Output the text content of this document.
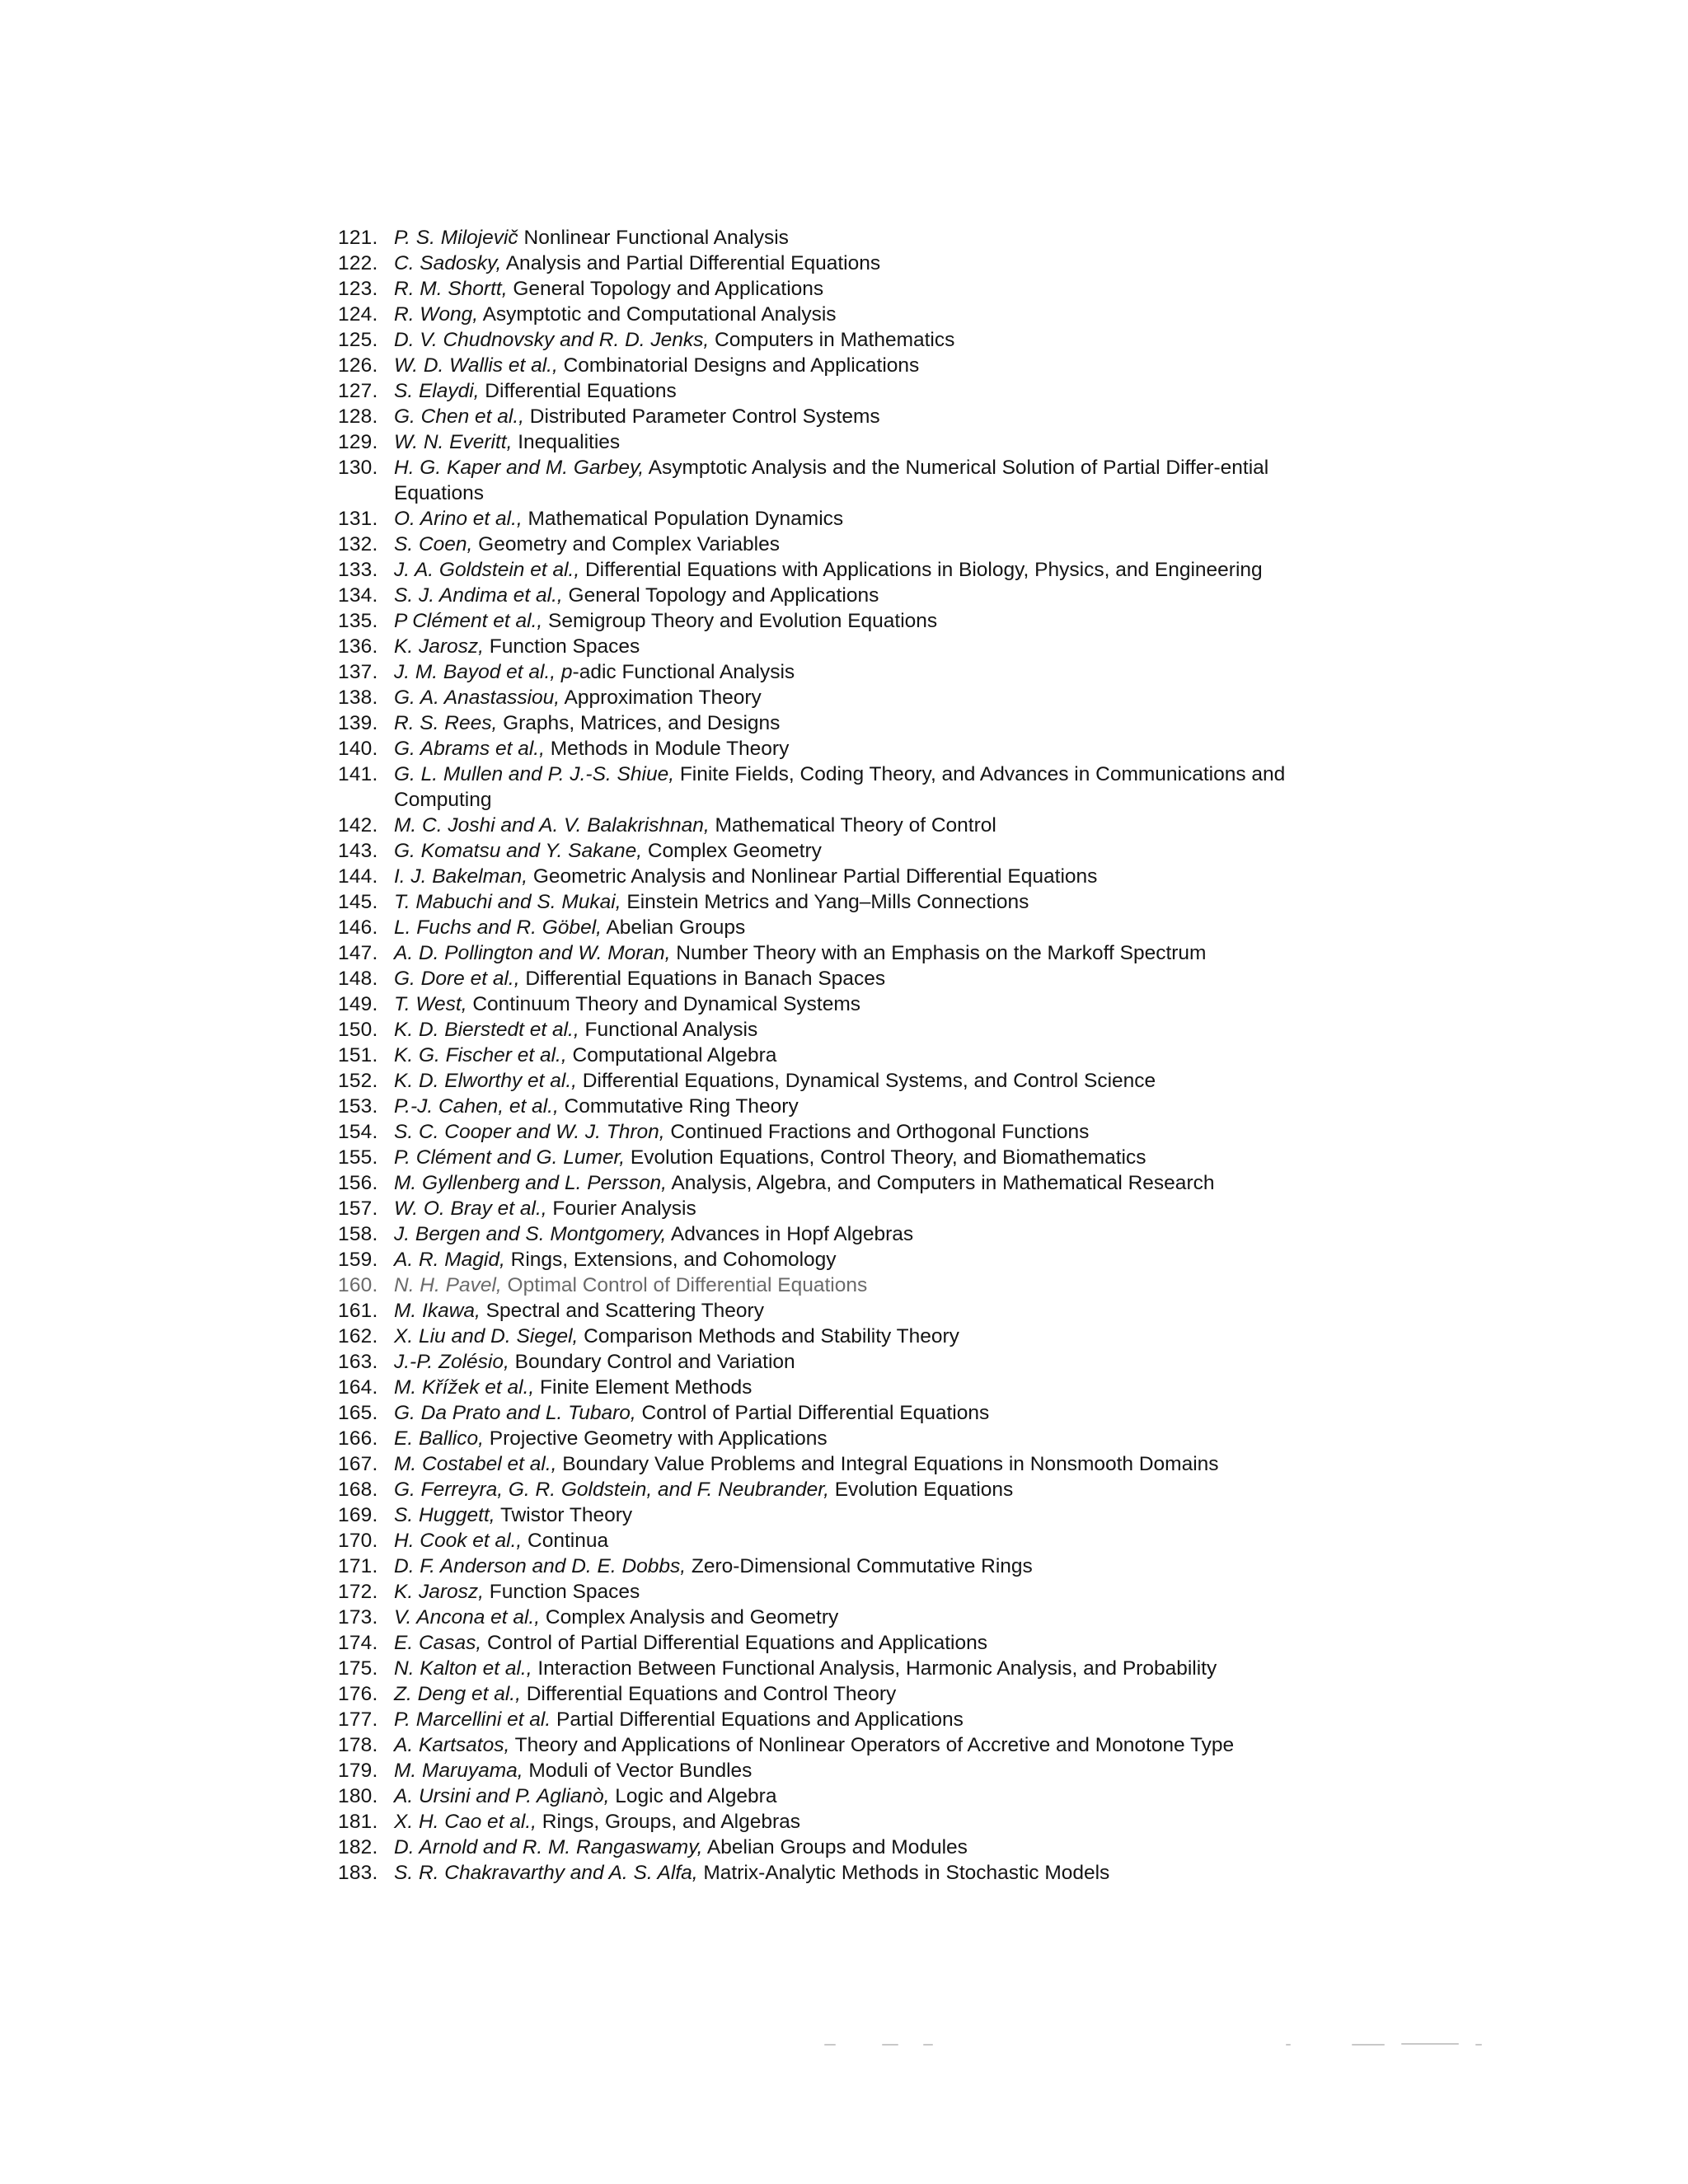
121. P. S. Milojevič Nonlinear Functional Analysis
122. C. Sadosky, Analysis and Partial Differential Equations
123. R. M. Shortt, General Topology and Applications
124. R. Wong, Asymptotic and Computational Analysis
125. D. V. Chudnovsky and R. D. Jenks, Computers in Mathematics
126. W. D. Wallis et al., Combinatorial Designs and Applications
127. S. Elaydi, Differential Equations
128. G. Chen et al., Distributed Parameter Control Systems
129. W. N. Everitt, Inequalities
130. H. G. Kaper and M. Garbey, Asymptotic Analysis and the Numerical Solution of Partial Differ-ential Equations
131. O. Arino et al., Mathematical Population Dynamics
132. S. Coen, Geometry and Complex Variables
133. J. A. Goldstein et al., Differential Equations with Applications in Biology, Physics, and Engineering
134. S. J. Andima et al., General Topology and Applications
135. P Clément et al., Semigroup Theory and Evolution Equations
136. K. Jarosz, Function Spaces
137. J. M. Bayod et al., p-adic Functional Analysis
138. G. A. Anastassiou, Approximation Theory
139. R. S. Rees, Graphs, Matrices, and Designs
140. G. Abrams et al., Methods in Module Theory
141. G. L. Mullen and P. J.-S. Shiue, Finite Fields, Coding Theory, and Advances in Communications and Computing
142. M. C. Joshi and A. V. Balakrishnan, Mathematical Theory of Control
143. G. Komatsu and Y. Sakane, Complex Geometry
144. I. J. Bakelman, Geometric Analysis and Nonlinear Partial Differential Equations
145. T. Mabuchi and S. Mukai, Einstein Metrics and Yang–Mills Connections
146. L. Fuchs and R. Göbel, Abelian Groups
147. A. D. Pollington and W. Moran, Number Theory with an Emphasis on the Markoff Spectrum
148. G. Dore et al., Differential Equations in Banach Spaces
149. T. West, Continuum Theory and Dynamical Systems
150. K. D. Bierstedt et al., Functional Analysis
151. K. G. Fischer et al., Computational Algebra
152. K. D. Elworthy et al., Differential Equations, Dynamical Systems, and Control Science
153. P.-J. Cahen, et al., Commutative Ring Theory
154. S. C. Cooper and W. J. Thron, Continued Fractions and Orthogonal Functions
155. P. Clément and G. Lumer, Evolution Equations, Control Theory, and Biomathematics
156. M. Gyllenberg and L. Persson, Analysis, Algebra, and Computers in Mathematical Research
157. W. O. Bray et al., Fourier Analysis
158. J. Bergen and S. Montgomery, Advances in Hopf Algebras
159. A. R. Magid, Rings, Extensions, and Cohomology
160. N. H. Pavel, Optimal Control of Differential Equations
161. M. Ikawa, Spectral and Scattering Theory
162. X. Liu and D. Siegel, Comparison Methods and Stability Theory
163. J.-P. Zolésio, Boundary Control and Variation
164. M. Křížek et al., Finite Element Methods
165. G. Da Prato and L. Tubaro, Control of Partial Differential Equations
166. E. Ballico, Projective Geometry with Applications
167. M. Costabel et al., Boundary Value Problems and Integral Equations in Nonsmooth Domains
168. G. Ferreyra, G. R. Goldstein, and F. Neubrander, Evolution Equations
169. S. Huggett, Twistor Theory
170. H. Cook et al., Continua
171. D. F. Anderson and D. E. Dobbs, Zero-Dimensional Commutative Rings
172. K. Jarosz, Function Spaces
173. V. Ancona et al., Complex Analysis and Geometry
174. E. Casas, Control of Partial Differential Equations and Applications
175. N. Kalton et al., Interaction Between Functional Analysis, Harmonic Analysis, and Probability
176. Z. Deng et al., Differential Equations and Control Theory
177. P. Marcellini et al. Partial Differential Equations and Applications
178. A. Kartsatos, Theory and Applications of Nonlinear Operators of Accretive and Monotone Type
179. M. Maruyama, Moduli of Vector Bundles
180. A. Ursini and P. Aglianò, Logic and Algebra
181. X. H. Cao et al., Rings, Groups, and Algebras
182. D. Arnold and R. M. Rangaswamy, Abelian Groups and Modules
183. S. R. Chakravarthy and A. S. Alfa, Matrix-Analytic Methods in Stochastic Models
